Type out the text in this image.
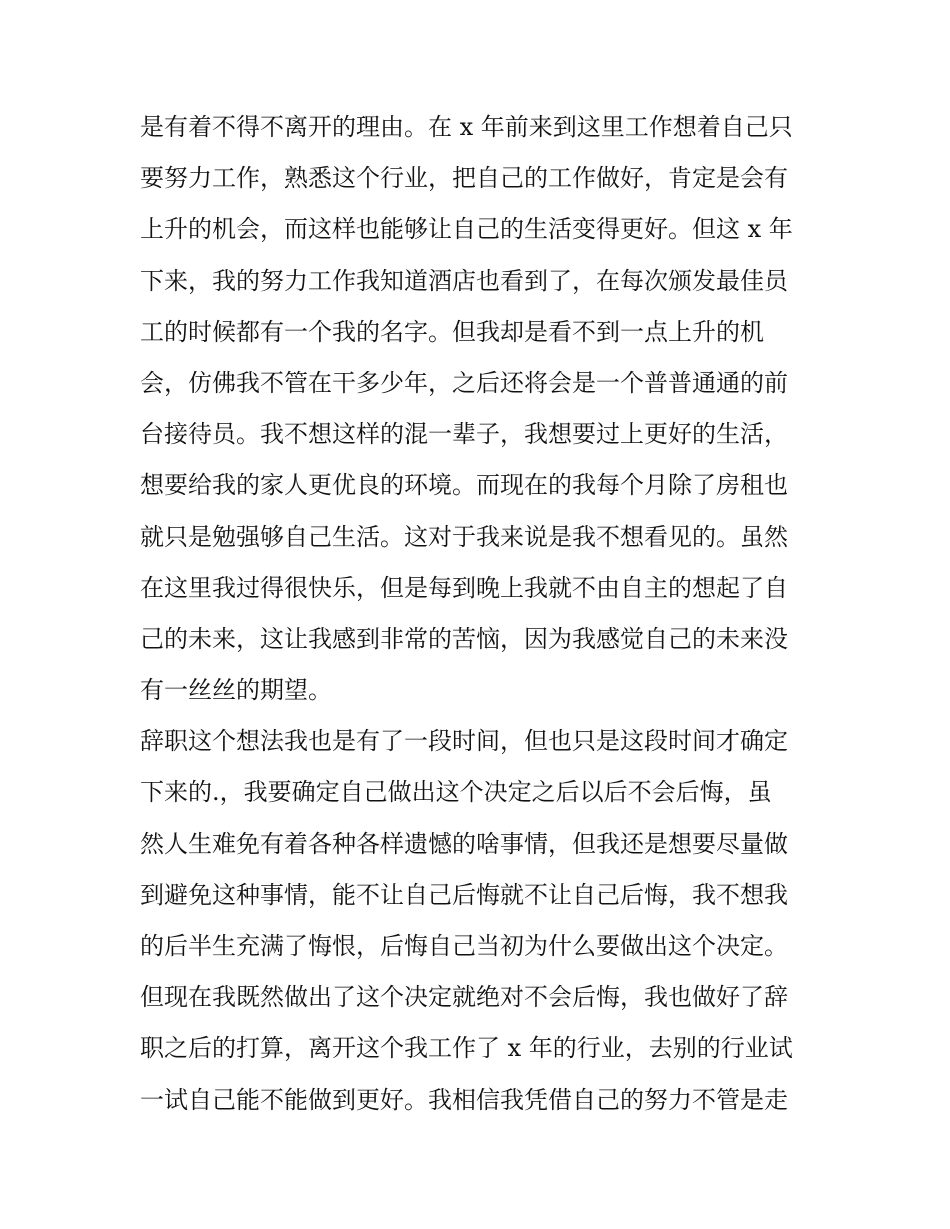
是有着不得不离开的理由。在 x 年前来到这里工作想着自己只
要努力工作，熟悉这个行业，把自己的工作做好，肯定是会有
上升的机会，而这样也能够让自己的生活变得更好。但这 x 年
下来，我的努力工作我知道酒店也看到了，在每次颁发最佳员
工的时候都有一个我的名字。但我却是看不到一点上升的机
会，仿佛我不管在干多少年，之后还将会是一个普普通通的前
台接待员。我不想这样的混一辈子，我想要过上更好的生活，
想要给我的家人更优良的环境。而现在的我每个月除了房租也
就只是勉强够自己生活。这对于我来说是我不想看见的。虽然
在这里我过得很快乐，但是每到晚上我就不由自主的想起了自
己的未来，这让我感到非常的苦恼，因为我感觉自己的未来没
有一丝丝的期望。
辞职这个想法我也是有了一段时间，但也只是这段时间才确定
下来的.，我要确定自己做出这个决定之后以后不会后悔，虽
然人生难免有着各种各样遗憾的啥事情，但我还是想要尽量做
到避免这种事情，能不让自己后悔就不让自己后悔，我不想我
的后半生充满了悔恨，后悔自己当初为什么要做出这个决定。
但现在我既然做出了这个决定就绝对不会后悔，我也做好了辞
职之后的打算，离开这个我工作了 x 年的行业，去别的行业试
一试自己能不能做到更好。我相信我凭借自己的努力不管是走
